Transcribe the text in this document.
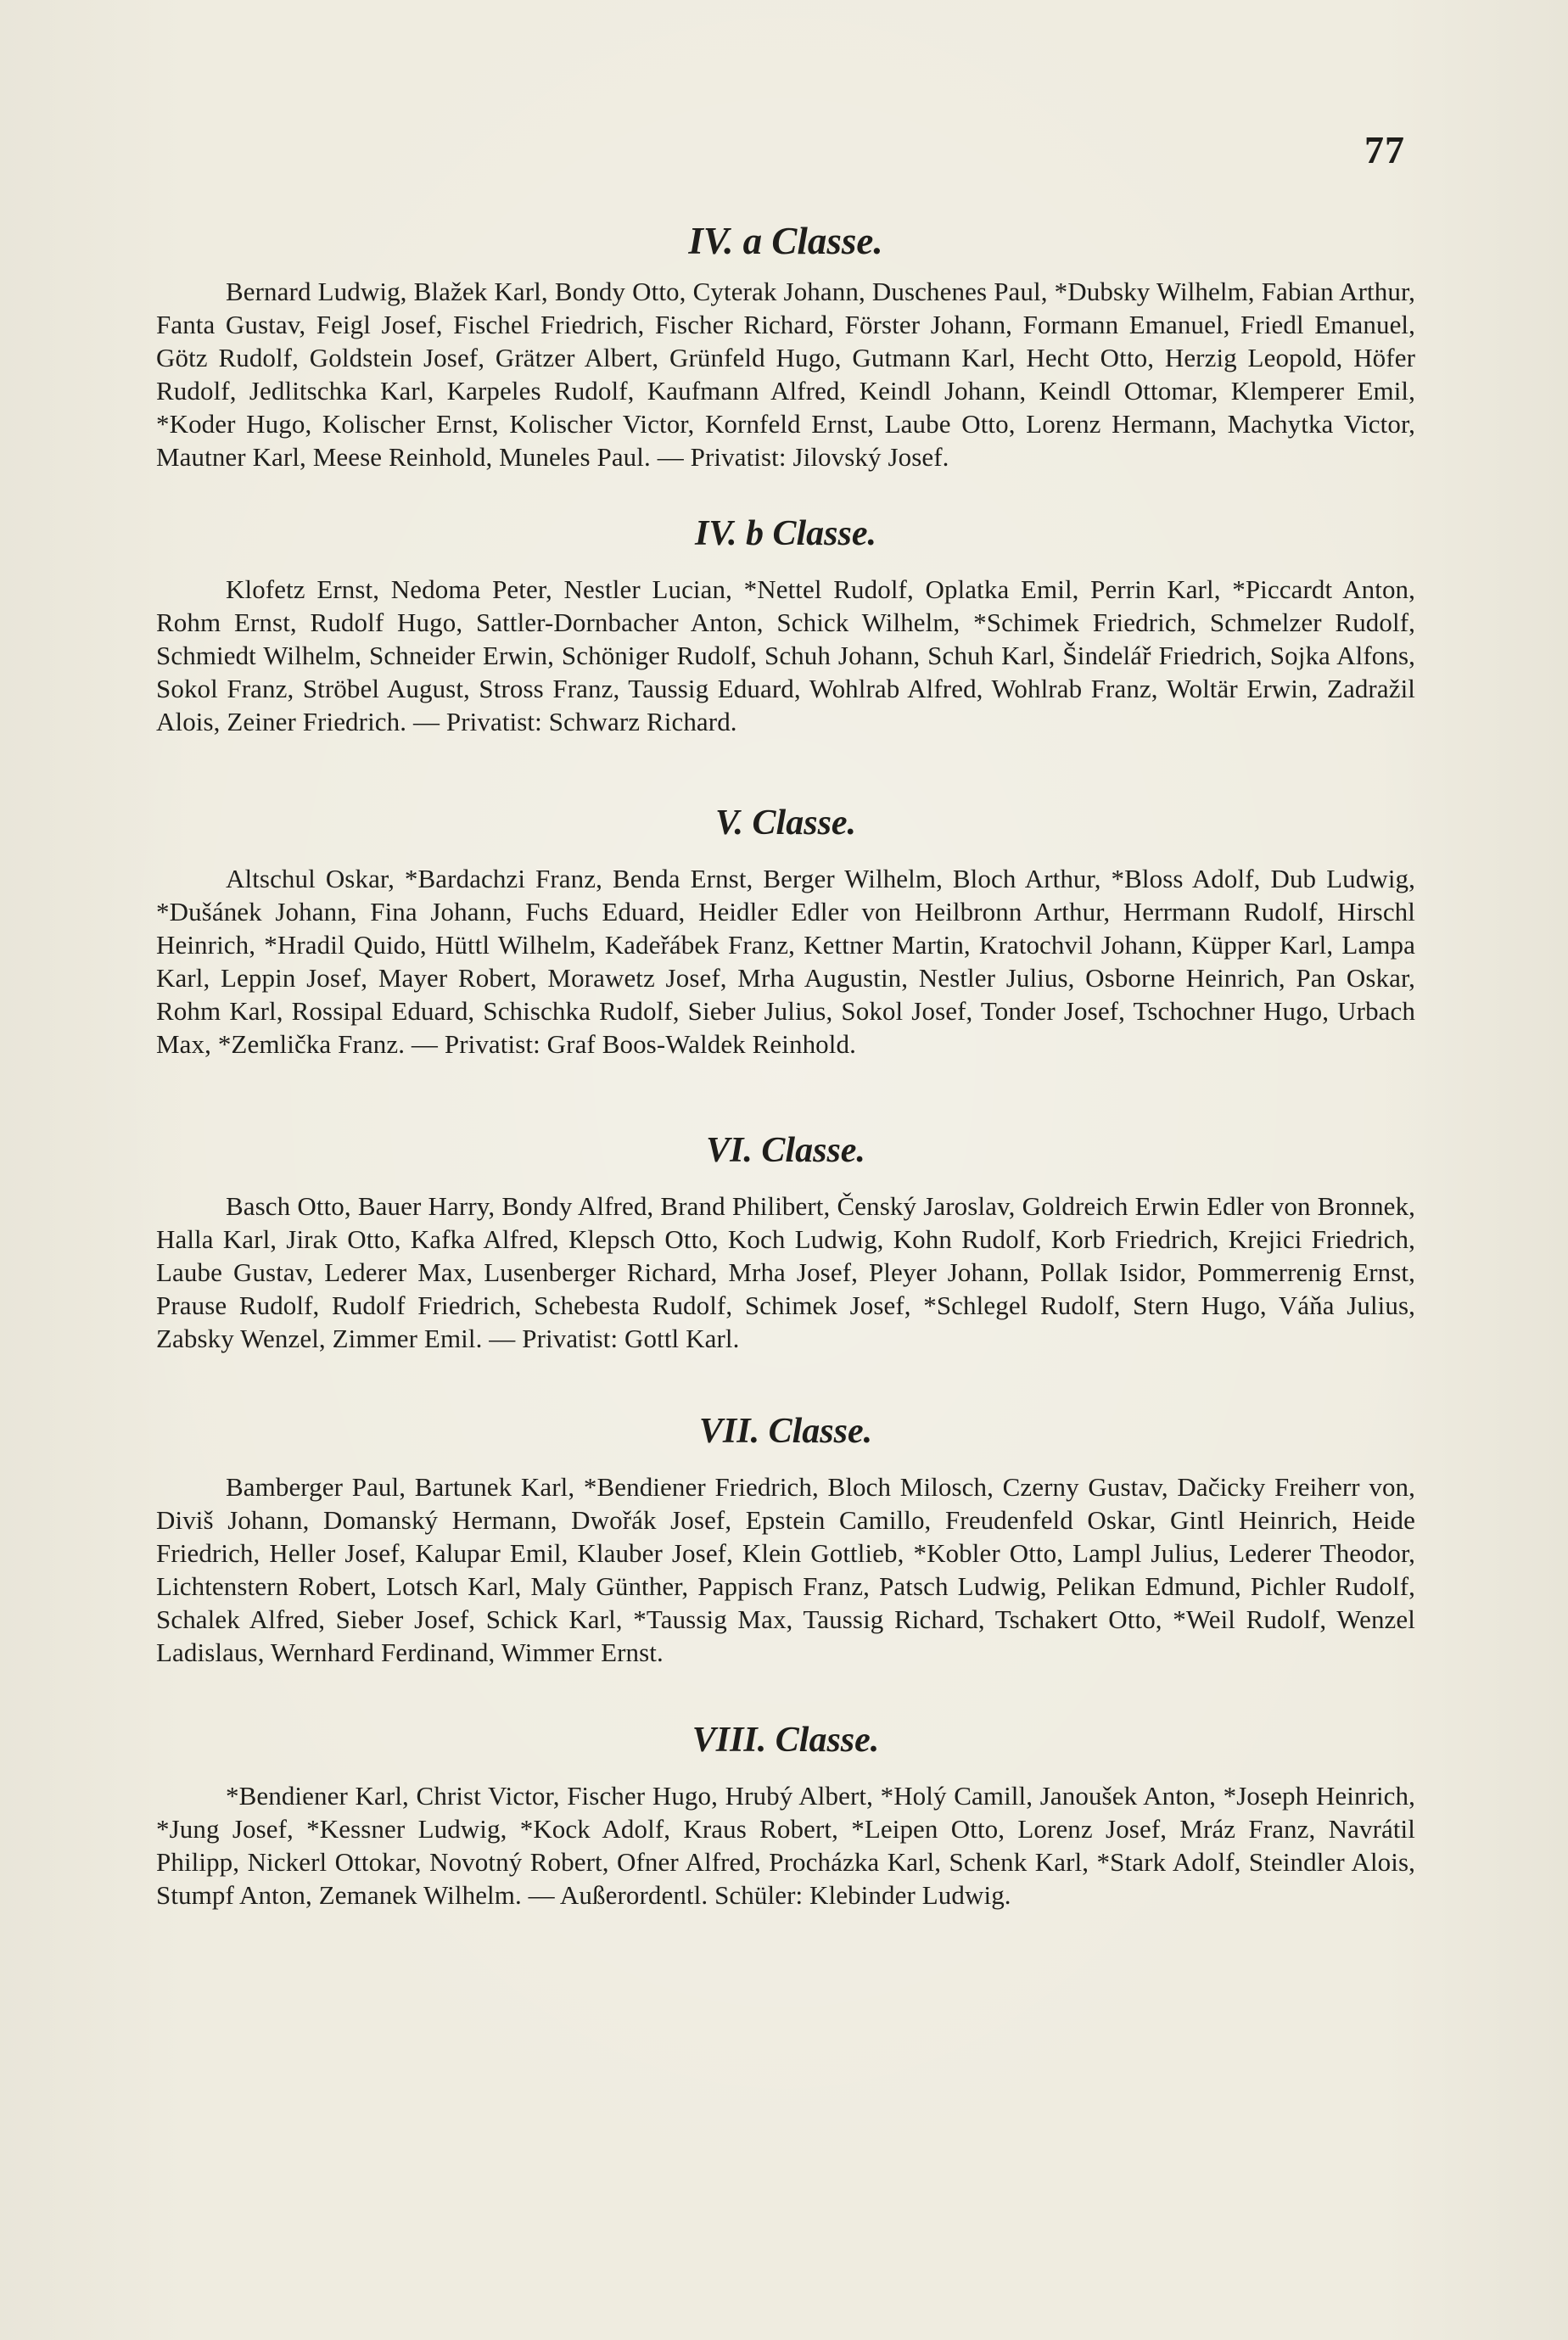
77
IV. a Classe.

Bernard Ludwig, Blažek Karl, Bondy Otto, Cyterak Johann, Duschenes Paul, *Dubsky Wilhelm, Fabian Arthur, Fanta Gustav, Feigl Josef, Fischel Friedrich, Fischer Richard, Förster Johann, Formann Emanuel, Friedl Emanuel, Götz Rudolf, Goldstein Josef, Grätzer Albert, Grünfeld Hugo, Gutmann Karl, Hecht Otto, Herzig Leopold, Höfer Rudolf, Jedlitschka Karl, Karpeles Rudolf, Kaufmann Alfred, Keindl Johann, Keindl Ottomar, Klemperer Emil, *Koder Hugo, Kolischer Ernst, Kolischer Victor, Kornfeld Ernst, Laube Otto, Lorenz Hermann, Machytka Victor, Mautner Karl, Meese Reinhold, Muneles Paul. — Privatist: Jilovský Josef.

IV. b Classe.

Klofetz Ernst, Nedoma Peter, Nestler Lucian, *Nettel Rudolf, Oplatka Emil, Perrin Karl, *Piccardt Anton, Rohm Ernst, Rudolf Hugo, Sattler-Dornbacher Anton, Schick Wilhelm, *Schimek Friedrich, Schmelzer Rudolf, Schmiedt Wilhelm, Schneider Erwin, Schöniger Rudolf, Schuh Johann, Schuh Karl, Šindelář Friedrich, Sojka Alfons, Sokol Franz, Ströbel August, Stross Franz, Taussig Eduard, Wohlrab Alfred, Wohlrab Franz, Woltär Erwin, Zadražil Alois, Zeiner Friedrich. — Privatist: Schwarz Richard.

V. Classe.

Altschul Oskar, *Bardachzi Franz, Benda Ernst, Berger Wilhelm, Bloch Arthur, *Bloss Adolf, Dub Ludwig, *Dušánek Johann, Fina Johann, Fuchs Eduard, Heidler Edler von Heilbronn Arthur, Herrmann Rudolf, Hirschl Heinrich, *Hradil Quido, Hüttl Wilhelm, Kadeřábek Franz, Kettner Martin, Kratochvil Johann, Küpper Karl, Lampa Karl, Leppin Josef, Mayer Robert, Morawetz Josef, Mrha Augustin, Nestler Julius, Osborne Heinrich, Pan Oskar, Rohm Karl, Rossipal Eduard, Schischka Rudolf, Sieber Julius, Sokol Josef, Tonder Josef, Tschochner Hugo, Urbach Max, *Zemlička Franz. — Privatist: Graf Boos-Waldek Reinhold.

VI. Classe.

Basch Otto, Bauer Harry, Bondy Alfred, Brand Philibert, Čenský Jaroslav, Goldreich Erwin Edler von Bronnek, Halla Karl, Jirak Otto, Kafka Alfred, Klepsch Otto, Koch Ludwig, Kohn Rudolf, Korb Friedrich, Krejici Friedrich, Laube Gustav, Lederer Max, Lusenberger Richard, Mrha Josef, Pleyer Johann, Pollak Isidor, Pommerrenig Ernst, Prause Rudolf, Rudolf Friedrich, Schebesta Rudolf, Schimek Josef, *Schlegel Rudolf, Stern Hugo, Váňa Julius, Zabsky Wenzel, Zimmer Emil. — Privatist: Gottl Karl.

VII. Classe.

Bamberger Paul, Bartunek Karl, *Bendiener Friedrich, Bloch Milosch, Czerny Gustav, Dačicky Freiherr von, Diviš Johann, Domanský Hermann, Dwořák Josef, Epstein Camillo, Freudenfeld Oskar, Gintl Heinrich, Heide Friedrich, Heller Josef, Kalupar Emil, Klauber Josef, Klein Gottlieb, *Kobler Otto, Lampl Julius, Lederer Theodor, Lichtenstern Robert, Lotsch Karl, Maly Günther, Pappisch Franz, Patsch Ludwig, Pelikan Edmund, Pichler Rudolf, Schalek Alfred, Sieber Josef, Schick Karl, *Taussig Max, Taussig Richard, Tschakert Otto, *Weil Rudolf, Wenzel Ladislaus, Wernhard Ferdinand, Wimmer Ernst.

VIII. Classe.

*Bendiener Karl, Christ Victor, Fischer Hugo, Hrubý Albert, *Holý Camill, Janoušek Anton, *Joseph Heinrich, *Jung Josef, *Kessner Ludwig, *Kock Adolf, Kraus Robert, *Leipen Otto, Lorenz Josef, Mráz Franz, Navrátil Philipp, Nickerl Ottokar, Novotný Robert, Ofner Alfred, Procházka Karl, Schenk Karl, *Stark Adolf, Steindler Alois, Stumpf Anton, Zemanek Wilhelm. — Außerordentl. Schüler: Klebinder Ludwig.
